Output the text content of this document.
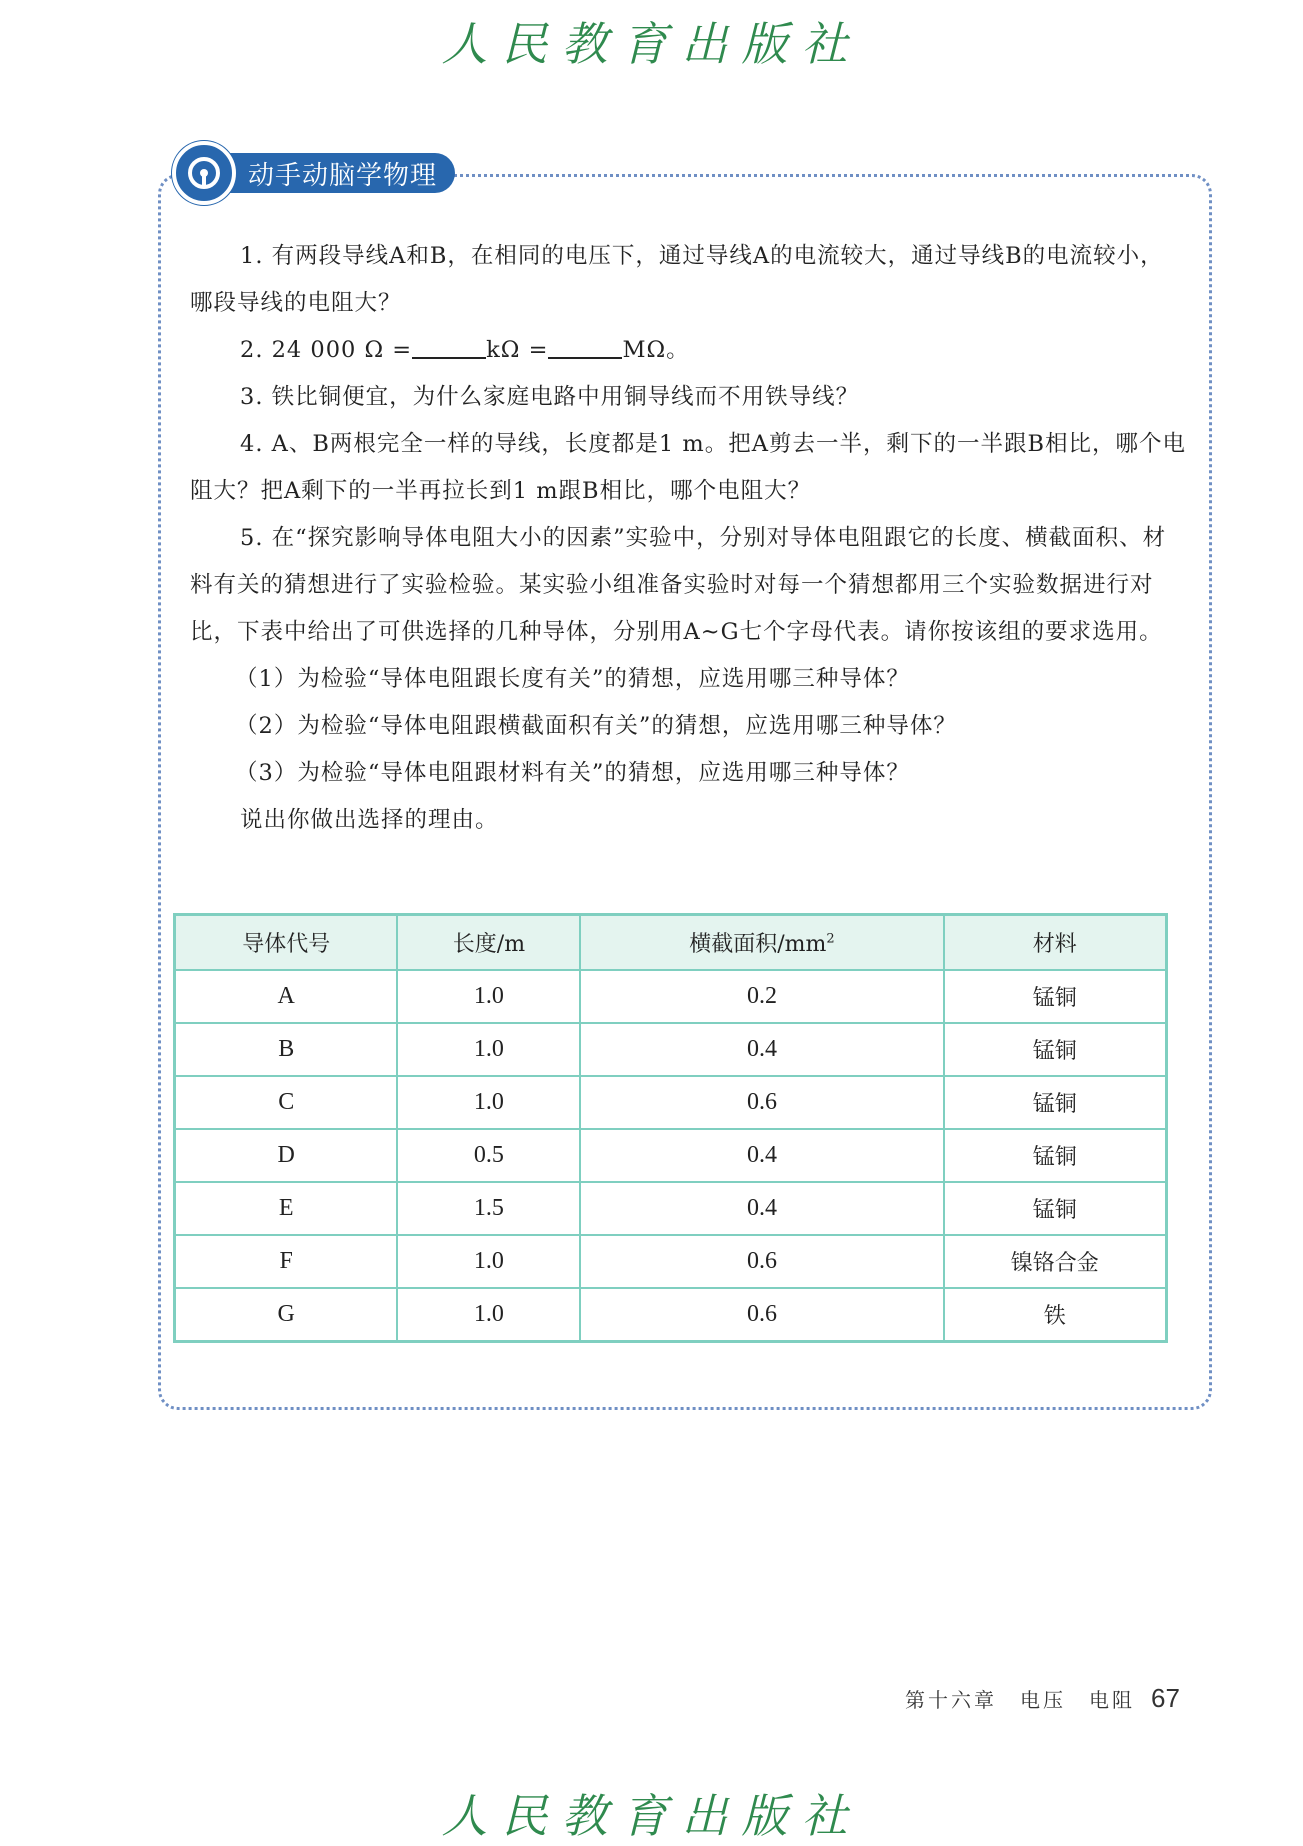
人民教育出版社
动手动脑学物理

1. 有两段导线A和B，在相同的电压下，通过导线A的电流较大，通过导线B的电流较小，哪段导线的电阻大？

2. 24 000 Ω =	kΩ =	MΩ。

3. 铁比铜便宜，为什么家庭电路中用铜导线而不用铁导线？

4. A、B两根完全一样的导线，长度都是1 m。把A剪去一半，剩下的一半跟B相比，哪个电阻大？把A剩下的一半再拉长到1 m跟B相比，哪个电阻大？

5. 在“探究影响导体电阻大小的因素”实验中，分别对导体电阻跟它的长度、横截面积、材料有关的猜想进行了实验检验。某实验小组准备实验时对每一个猜想都用三个实验数据进行对比，下表中给出了可供选择的几种导体，分别用A~G七个字母代表。请你按该组的要求选用。

（1）为检验“导体电阻跟长度有关”的猜想，应选用哪三种导体？

（2）为检验“导体电阻跟横截面积有关”的猜想，应选用哪三种导体？

（3）为检验“导体电阻跟材料有关”的猜想，应选用哪三种导体？

说出你做出选择的理由。

导体代号	长度/m	横截面积$/mm^2$	材料
A	1.0	0.2	锰铜
B	1.0	0.4	锰铜
C	1.0	0.6	锰铜
D	0.5	0.4	锰铜
E	1.5	0.4	锰铜
F	1.0	0.6	镍铬合金
G	1.0	0.6	铁
第十六章　电压　电阻 67
人民教育出版社
